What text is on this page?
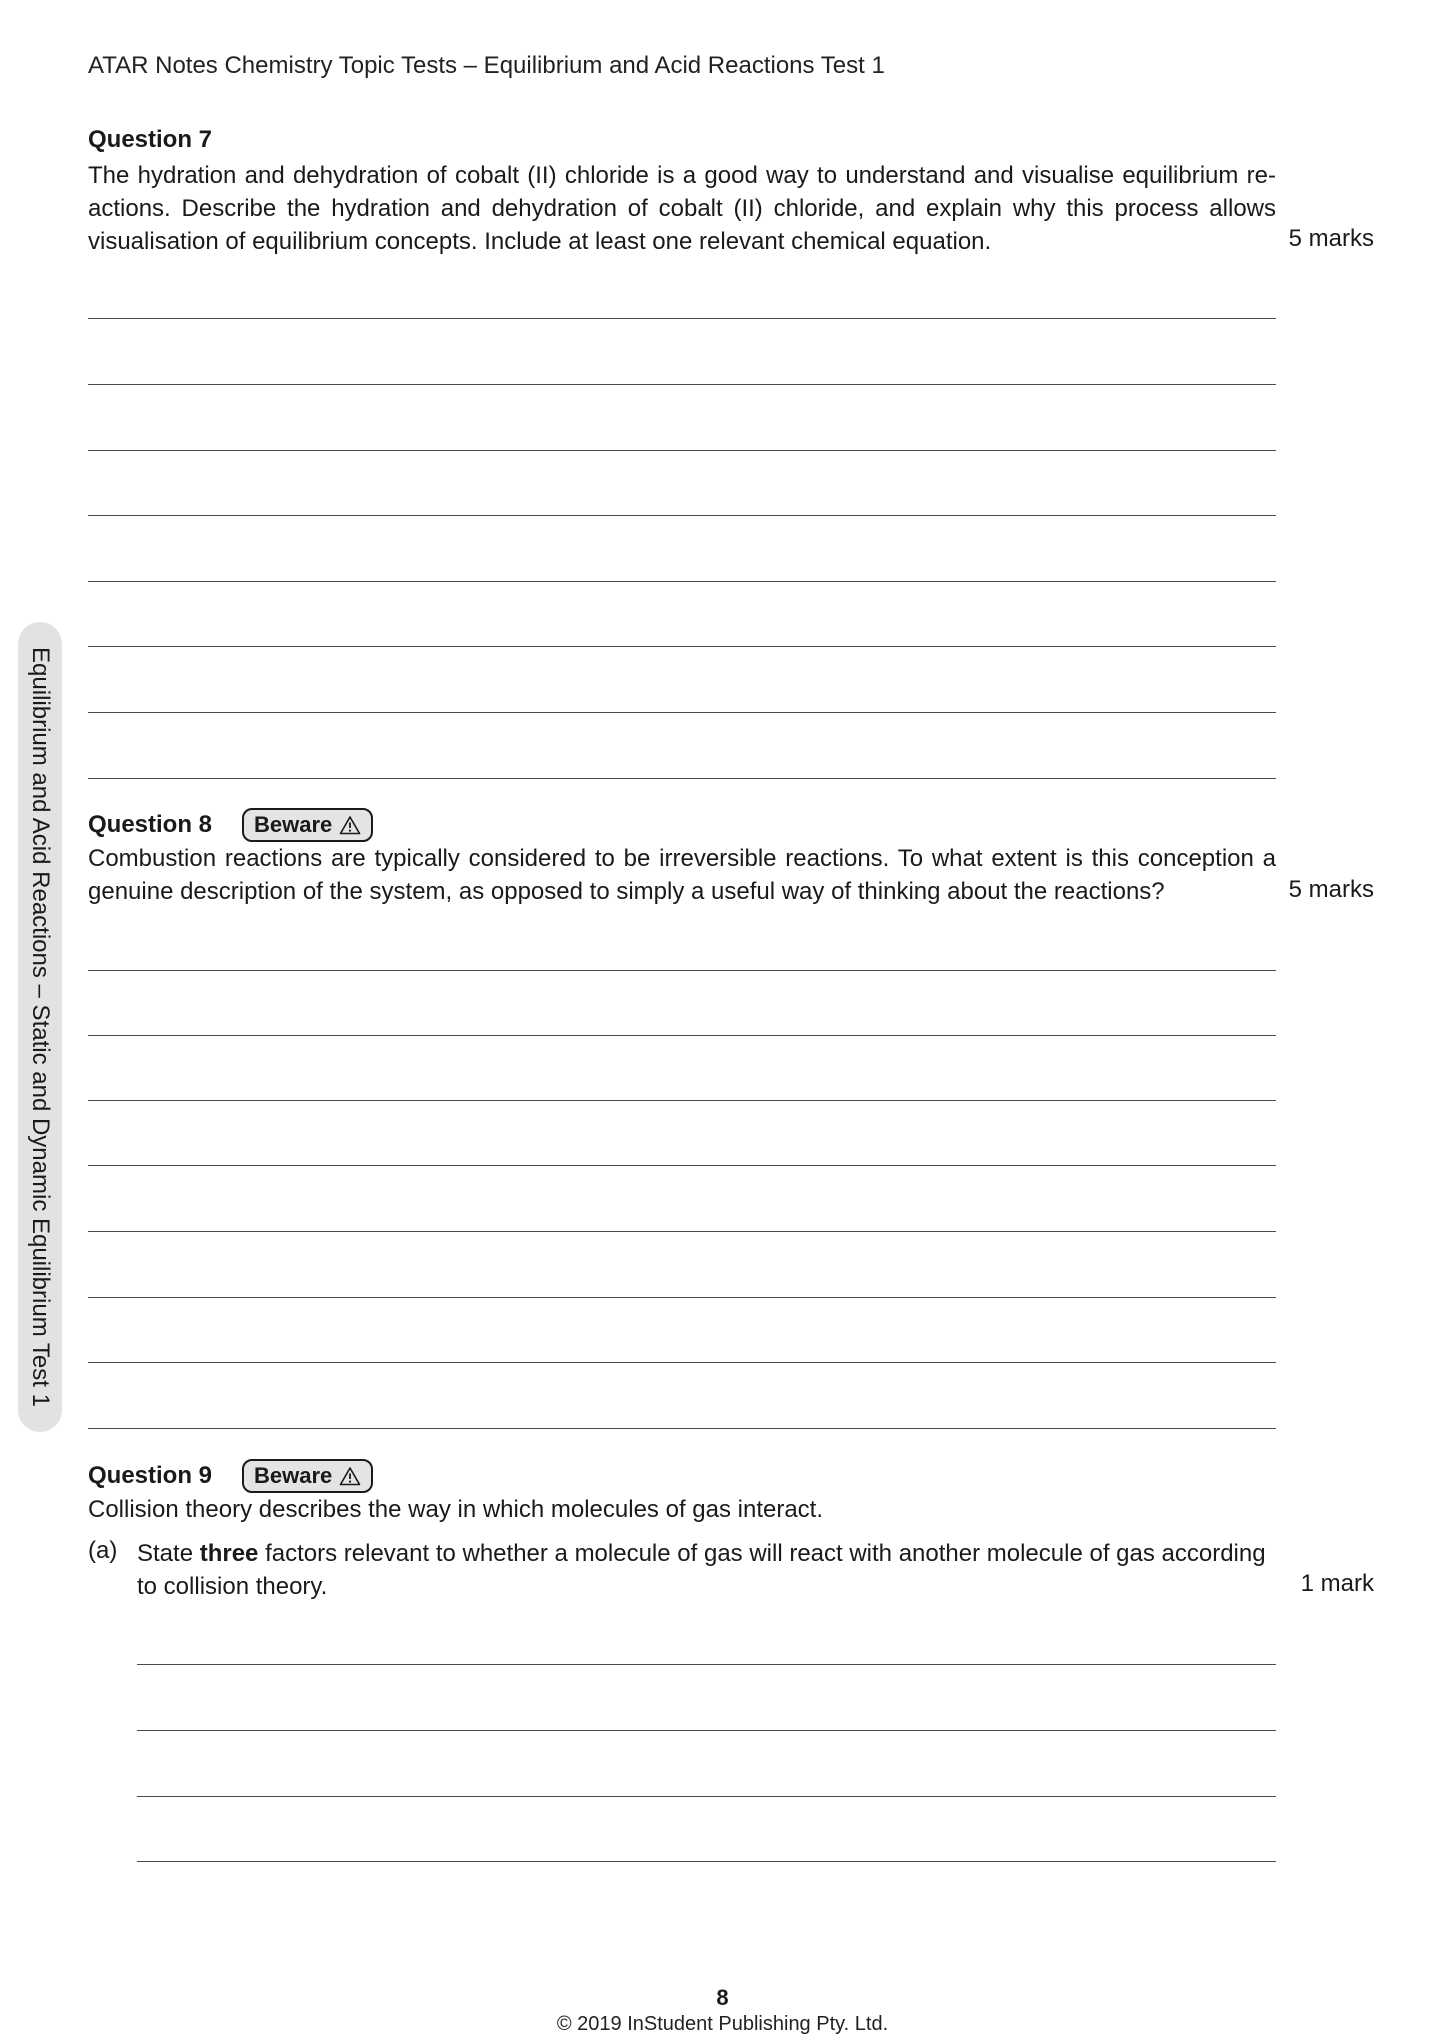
ATAR Notes Chemistry Topic Tests – Equilibrium and Acid Reactions Test 1
Equilibrium and Acid Reactions – Static and Dynamic Equilibrium Test 1
Question 7
The hydration and dehydration of cobalt (II) chloride is a good way to understand and visualise equilibrium re-actions. Describe the hydration and dehydration of cobalt (II) chloride, and explain why this process allows visualisation of equilibrium concepts. Include at least one relevant chemical equation.	5 marks
Question 8 Beware
Combustion reactions are typically considered to be irreversible reactions. To what extent is this conception a genuine description of the system, as opposed to simply a useful way of thinking about the reactions?	5 marks
Question 9 Beware
Collision theory describes the way in which molecules of gas interact.
(a) State three factors relevant to whether a molecule of gas will react with another molecule of gas according to collision theory.	1 mark
8
© 2019 InStudent Publishing Pty. Ltd.
